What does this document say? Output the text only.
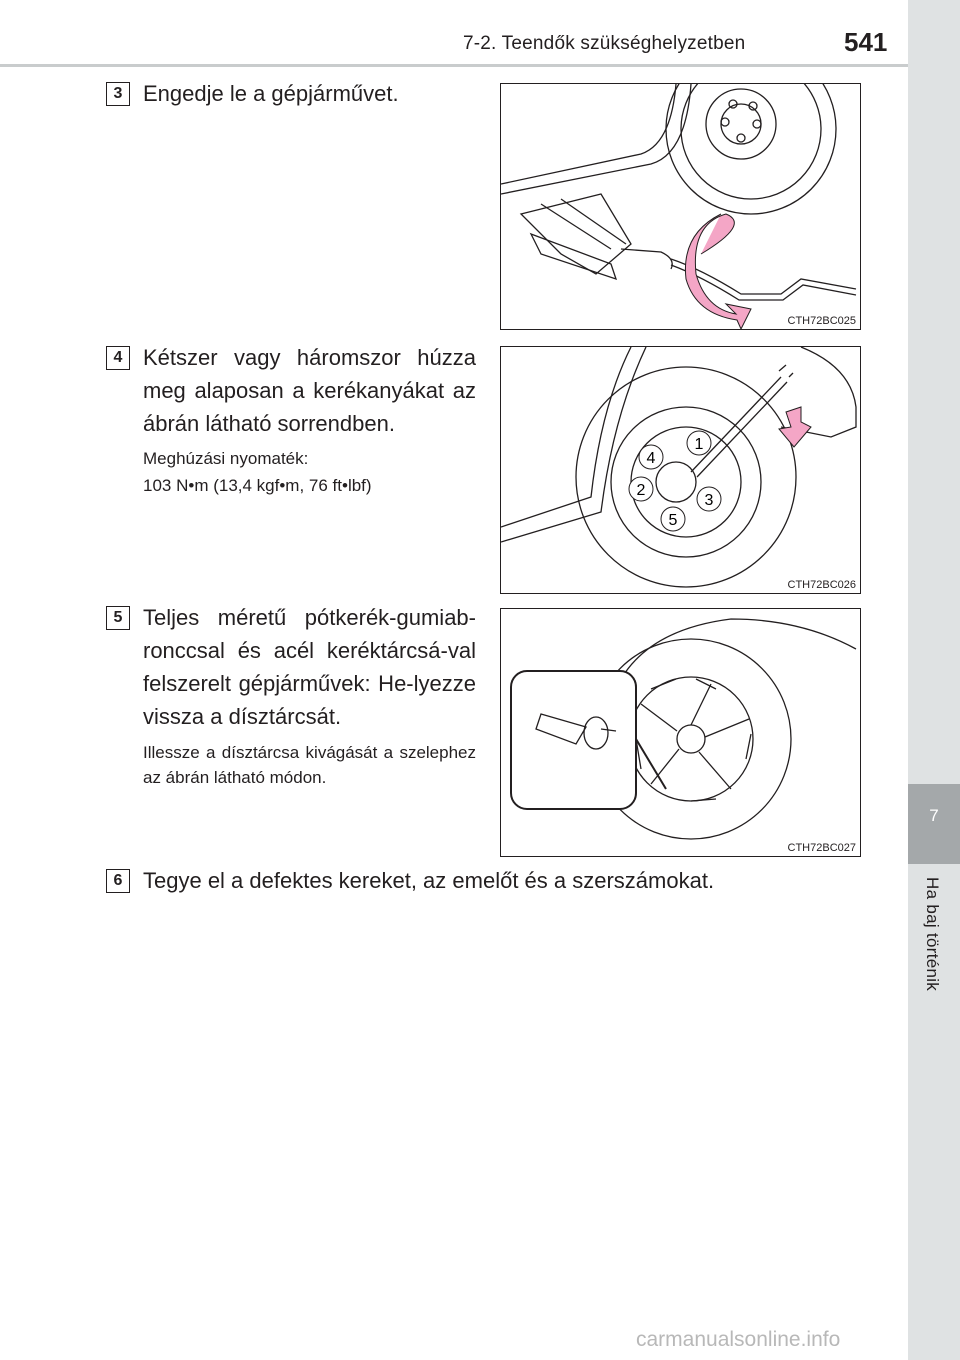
7-2. Teendők szükséghelyzetben	541
7
Ha baj történik
3 Engedje le a gépjárművet.
CTH72BC025
4 Kétszer vagy háromszor húzza meg alaposan a kerékanyákat az ábrán látható sorrendben.
Meghúzási nyomaték:
103 N•m (13,4 kgf•m, 76 ft•lbf)
1
2
3
4
5
CTH72BC026
5 Teljes méretű pótkerék-gumiab-ronccsal és acél keréktárcsá-val felszerelt gépjárművek: He-lyezze vissza a dísztárcsát.
Illessze a dísztárcsa kivágását a szelephez az ábrán látható módon.
CTH72BC027
6 Tegye el a defektes kereket, az emelőt és a szerszámokat.
carmanualsonline.info
